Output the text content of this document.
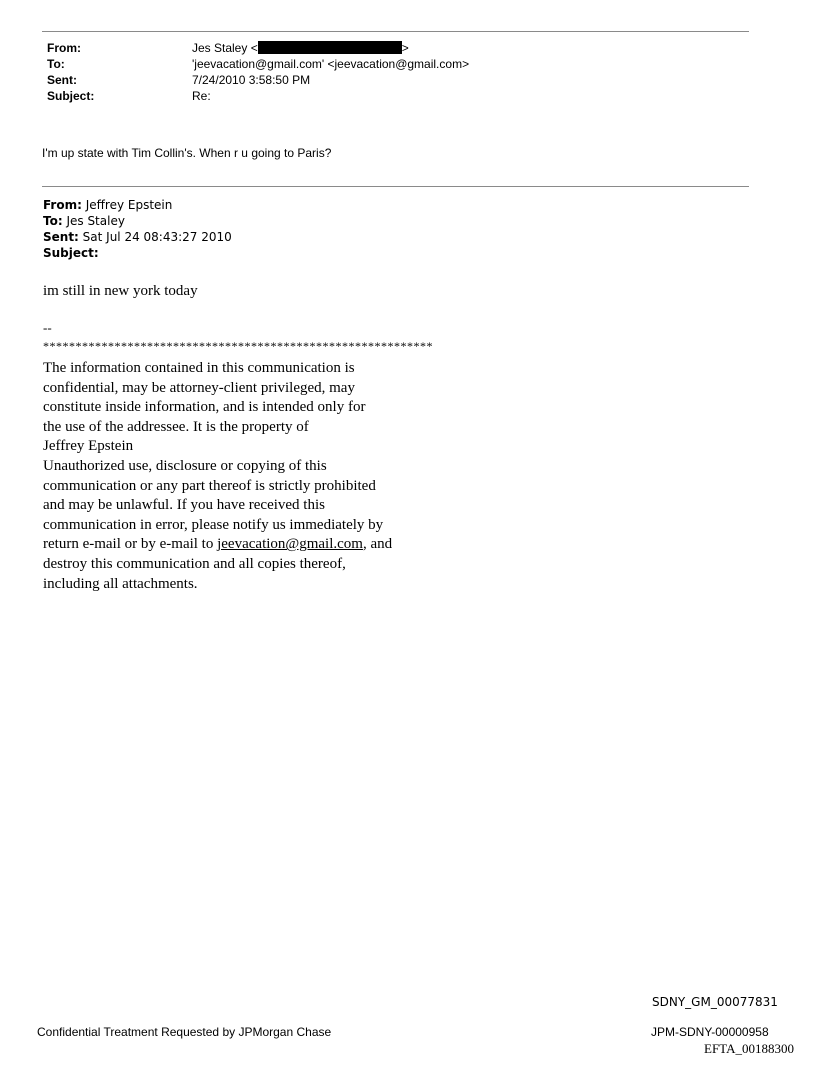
From:	Jes Staley <	>
To:	'jeevacation@gmail.com' <jeevacation@gmail.com>
Sent:	7/24/2010 3:58:50 PM
Subject:	Re:
I'm up state with Tim Collin's. When r u going to Paris?
From: Jeffrey Epstein
To: Jes Staley
Sent: Sat Jul 24 08:43:27 2010
Subject:
im still in new york today
--
************************************************************
The information contained in this communication is
confidential, may be attorney-client privileged, may
constitute inside information, and is intended only for
the use of the addressee. It is the property of
Jeffrey Epstein
Unauthorized use, disclosure or copying of this
communication or any part thereof is strictly prohibited
and may be unlawful. If you have received this
communication in error, please notify us immediately by
return e-mail or by e-mail to jeevacation@gmail.com, and
destroy this communication and all copies thereof,
including all attachments.
SDNY_GM_00077831
Confidential Treatment Requested by JPMorgan Chase	JPM-SDNY-00000958
EFTA_00188300
